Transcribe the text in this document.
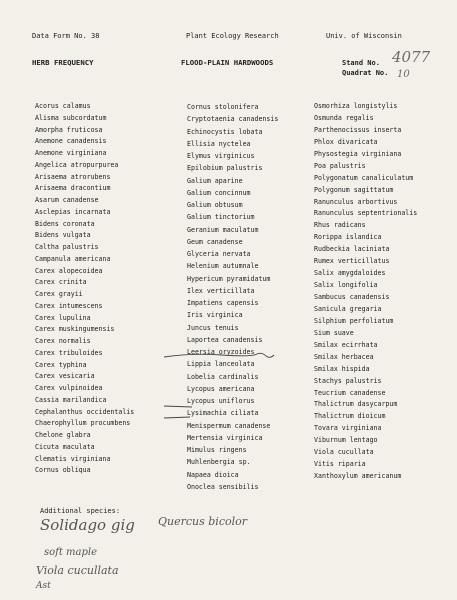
Data Form No. 38	Plant Ecology Research	Univ. of Wisconsin
HERB FREQUENCY	FLOOD-PLAIN HARDWOODS	Stand No. 4077
Quadrat No. 10
Acorus calamus
Alisma subcordatum
Amorpha fruticosa
Anemone canadensis
Anemone virginiana
Angelica atropurpurea
Arisaema atrorubens
Arisaema dracontium
Asarum canadense
Asclepias incarnata
Bidens coronata
Bidens vulgata
Caltha palustris
Campanula americana
Carex alopecoidea
Carex crinita
Carex grayii
Carex intumescens
Carex lupulina
Carex muskingumensis
Carex normalis
Carex tribuloides
Carex typhina
Carex vesicaria
Carex vulpinoidea
Cassia marilandica
Cephalanthus occidentalis
Chaerophyllum procumbens
Chelone glabra
Cicuta maculata
Clematis virginiana
Cornus obliqua
Cornus stolonifera
Cryptotaenia canadensis
Echinocystis lobata
Ellisia nyctelea
Elymus virginicus
Epilobium palustris
Galium aparine
Galium concinnum
Galium obtusum
Galium tinctorium
Geranium maculatum
Geum canadense
Glyceria nervata
Helenium autumnale
Hypericum pyramidatum
Ilex verticillata
Impatiens capensis
Iris virginica
Juncus tenuis
Laportea canadensis
Leersia oryzoides
Lippia lanceolata
Lobelia cardinalis
Lycopus americana
Lycopus uniflorus
Lysimachia ciliata
Menispermum canadense
Mertensia virginica
Mimulus ringens
Muhlenbergia sp.
Napaea dioica
Onoclea sensibilis
Osmorhiza longistylis
Osmunda regalis
Parthenocissus inserta
Phlox divaricata
Physostegia virginiana
Poa palustris
Polygonatum canaliculatum
Polygonum sagittatum
Ranunculus arbortivus
Ranunculus septentrionalis
Rhus radicans
Rorippa islandica
Rudbeckia laciniata
Rumex verticillatus
Salix amygdaloides
Salix longifolia
Sambucus canadensis
Sanicula gregaria
Silphium perfoliatum
Sium suave
Smilax ecirrhata
Smilax herbacea
Smilax hispida
Stachys palustris
Teucrium canadense
Thalictrum dasycarpum
Thalictrum dioicum
Tovara virginiana
Viburnum lentago
Viola cucullata
Vitis riparia
Xanthoxylum americanum
Additional species:
Solidago gig Quercus bicolor
soft maple
Viola cucullata
Ast
